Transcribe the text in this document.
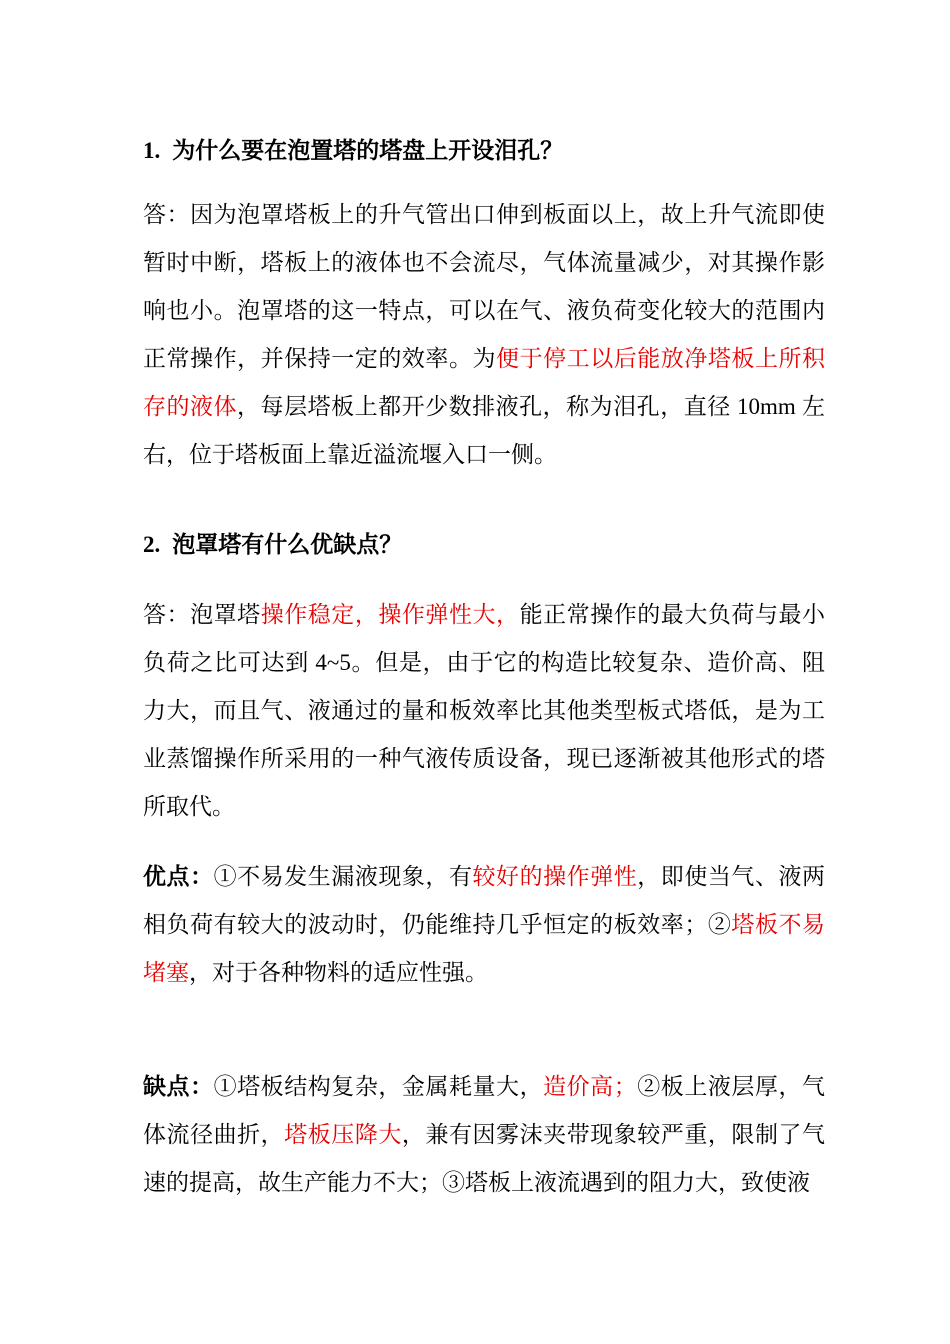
1. 为什么要在泡置塔的塔盘上开设泪孔？

答：因为泡罩塔板上的升气管出口伸到板面以上，故上升气流即使暂时中断，塔板上的液体也不会流尽，气体流量减少，对其操作影响也小。泡罩塔的这一特点，可以在气、液负荷变化较大的范围内正常操作，并保持一定的效率。为便于停工以后能放净塔板上所积存的液体，每层塔板上都开少数排液孔，称为泪孔，直径 10mm 左右，位于塔板面上靠近溢流堰入口一侧。

2. 泡罩塔有什么优缺点？

答：泡罩塔操作稳定，操作弹性大，能正常操作的最大负荷与最小负荷之比可达到 4~5。但是，由于它的构造比较复杂、造价高、阻力大，而且气、液通过的量和板效率比其他类型板式塔低，是为工业蒸馏操作所采用的一种气液传质设备，现已逐渐被其他形式的塔所取代。

优点：①不易发生漏液现象，有较好的操作弹性，即使当气、液两相负荷有较大的波动时，仍能维持几乎恒定的板效率；②塔板不易堵塞，对于各种物料的适应性强。

缺点：①塔板结构复杂，金属耗量大，造价高；②板上液层厚，气体流径曲折，塔板压降大，兼有因雾沫夹带现象较严重，限制了气速的提高，故生产能力不大；③塔板上液流遇到的阻力大，致使液
